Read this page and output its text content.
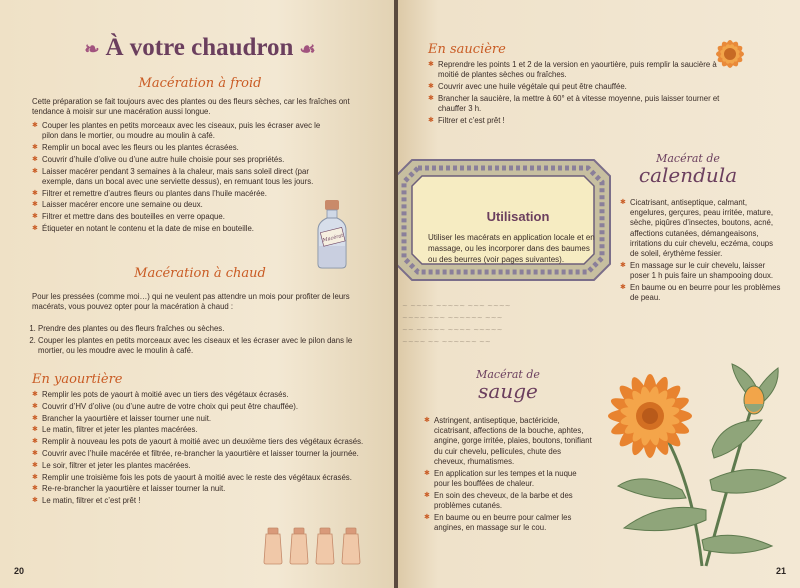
❧ À votre chaudron ☙
Macération à froid
Cette préparation se fait toujours avec des plantes ou des fleurs sèches, car les fraîches ont tendance à moisir sur une macération aussi longue.
✱ Couper les plantes en petits morceaux avec les ciseaux, puis les écraser avec le pilon dans le mortier, ou moudre au moulin à café.
✱ Remplir un bocal avec les fleurs ou les plantes écrasées.
✱ Couvrir d’huile d’olive ou d’une autre huile choisie pour ses propriétés.
✱ Laisser macérer pendant 3 semaines à la chaleur, mais sans soleil direct (par exemple, dans un bocal avec une serviette dessus), en remuant tous les jours.
✱ Filtrer et remettre d’autres fleurs ou plantes dans l’huile macérée.
✱ Laisser macérer encore une semaine ou deux.
✱ Filtrer et mettre dans des bouteilles en verre opaque.
✱ Étiqueter en notant le contenu et la date de mise en bouteille.
Macérat
Macération à chaud
Pour les pressées (comme moi…) qui ne veulent pas attendre un mois pour profiter de leurs macérats, vous pouvez opter pour la macération à chaud :
1. Prendre des plantes ou des fleurs fraîches ou sèches.
2. Couper les plantes en petits morceaux avec les ciseaux et les écraser avec le pilon dans le mortier, ou les moudre avec le moulin à café.
En yaourtière
✱ Remplir les pots de yaourt à moitié avec un tiers des végétaux écrasés.
✱ Couvrir d’HV d’olive (ou d’une autre de votre choix qui peut être chauffée).
✱ Brancher la yaourtière et laisser tourner une nuit.
✱ Le matin, filtrer et jeter les plantes macérées.
✱ Remplir à nouveau les pots de yaourt à moitié avec un deuxième tiers des végétaux écrasés.
✱ Couvrir avec l’huile macérée et filtrée, re-brancher la yaourtière et laisser tourner la journée.
✱ Le soir, filtrer et jeter les plantes macérées.
✱ Remplir une troisième fois les pots de yaourt à moitié avec le reste des végétaux écrasés.
✱ Re-re-brancher la yaourtière et laisser tourner la nuit.
✱ Le matin, filtrer et c’est prêt !
20
En saucière
✱ Reprendre les points 1 et 2 de la version en yaourtière, puis remplir la saucière à moitié de plantes sèches ou fraîches.
✱ Couvrir avec une huile végétale qui peut être chauffée.
✱ Brancher la saucière, la mettre à 60° et à vitesse moyenne, puis laisser tourner et chauffer 3 h.
✱ Filtrer et c’est prêt !
Utilisation
Utiliser les macérats en application locale et en massage, ou les incorporer dans des baumes ou des beurres (voir pages suivantes).
Macérat de
calendula
✱ Cicatrisant, antiseptique, calmant, engelures, gerçures, peau irritée, mature, sèche, piqûres d’insectes, boutons, acné, affections cutanées, démangeaisons, irritations du cuir chevelu, eczéma, coups de soleil, érythème fessier.
✱ En massage sur le cuir chevelu, laisser poser 1 h puis faire un shampooing doux.
✱ En baume ou en beurre pour les problèmes de peau.
~ ~~~~ ~~~~~ ~~~ ~~~~
~~~~ ~~~ ~~~~~~ ~~~
~~ ~~~~~ ~~~~ ~~~~~
~~~~ ~~ ~~~~~~ ~~
Macérat de
sauge
✱ Astringent, antiseptique, bactéricide, cicatrisant, affections de la bouche, aphtes, angine, gorge irritée, plaies, boutons, tonifiant du cuir chevelu, pellicules, chute des cheveux, rhumatismes.
✱ En application sur les tempes et la nuque pour les bouffées de chaleur.
✱ En soin des cheveux, de la barbe et des problèmes cutanés.
✱ En baume ou en beurre pour calmer les angines, en massage sur le cou.
21
